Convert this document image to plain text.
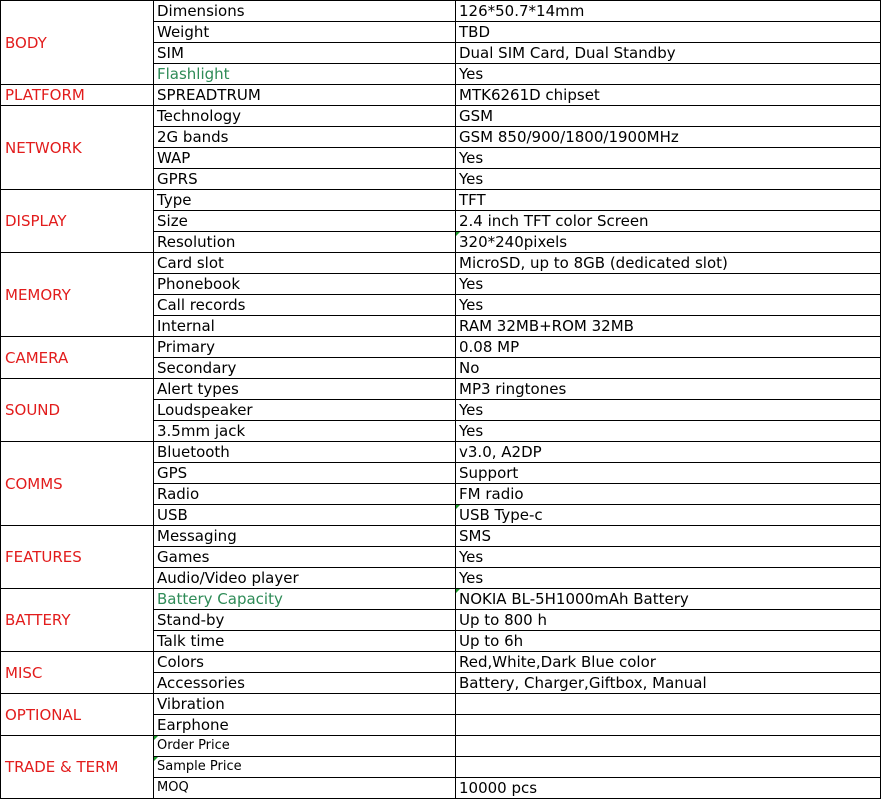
BODY	Dimensions	126*50.7*14mm
	Weight	TBD
	SIM	Dual SIM Card, Dual Standby
	Flashlight	Yes
PLATFORM	SPREADTRUM	MTK6261D chipset
NETWORK	Technology	GSM
	2G bands	GSM 850/900/1800/1900MHz
	WAP	Yes
	GPRS	Yes
DISPLAY	Type	TFT
	Size	2.4 inch TFT color Screen
	Resolution	320*240pixels
MEMORY	Card slot	MicroSD, up to 8GB (dedicated slot)
	Phonebook	Yes
	Call records	Yes
	Internal	RAM 32MB+ROM 32MB
CAMERA	Primary	0.08 MP
	Secondary	No
SOUND	Alert types	MP3 ringtones
	Loudspeaker	Yes
	3.5mm jack	Yes
COMMS	Bluetooth	v3.0, A2DP
	GPS	Support
	Radio	FM radio
	USB	USB Type-c
FEATURES	Messaging	SMS
	Games	Yes
	Audio/Video player	Yes
BATTERY	Battery Capacity	NOKIA BL-5H1000mAh Battery
	Stand-by	Up to 800 h
	Talk time	Up to 6h
MISC	Colors	Red,White,Dark Blue color
	Accessories	Battery, Charger,Giftbox, Manual
OPTIONAL	Vibration	
	Earphone	
TRADE & TERM	Order Price	
	Sample Price	
	MOQ	10000 pcs
